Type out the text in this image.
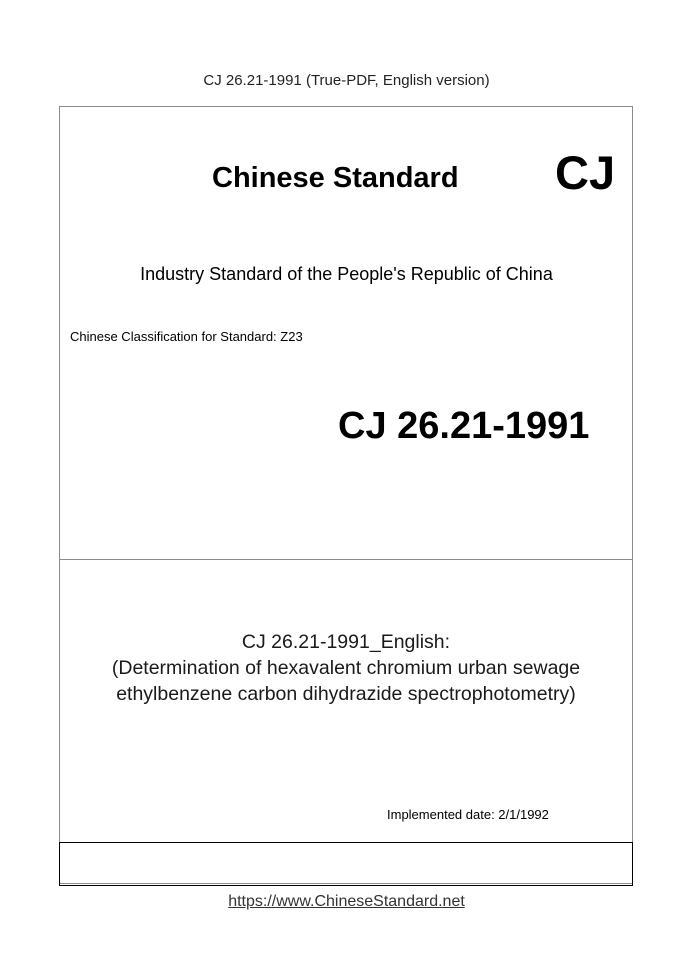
CJ 26.21-1991 (True-PDF, English version)
Chinese Standard CJ
Industry Standard of the People's Republic of China
Chinese Classification for Standard: Z23
CJ 26.21-1991
CJ 26.21-1991_English:
(Determination of hexavalent chromium urban sewage
ethylbenzene carbon dihydrazide spectrophotometry)
Implemented date: 2/1/1992
https://www.ChineseStandard.net
